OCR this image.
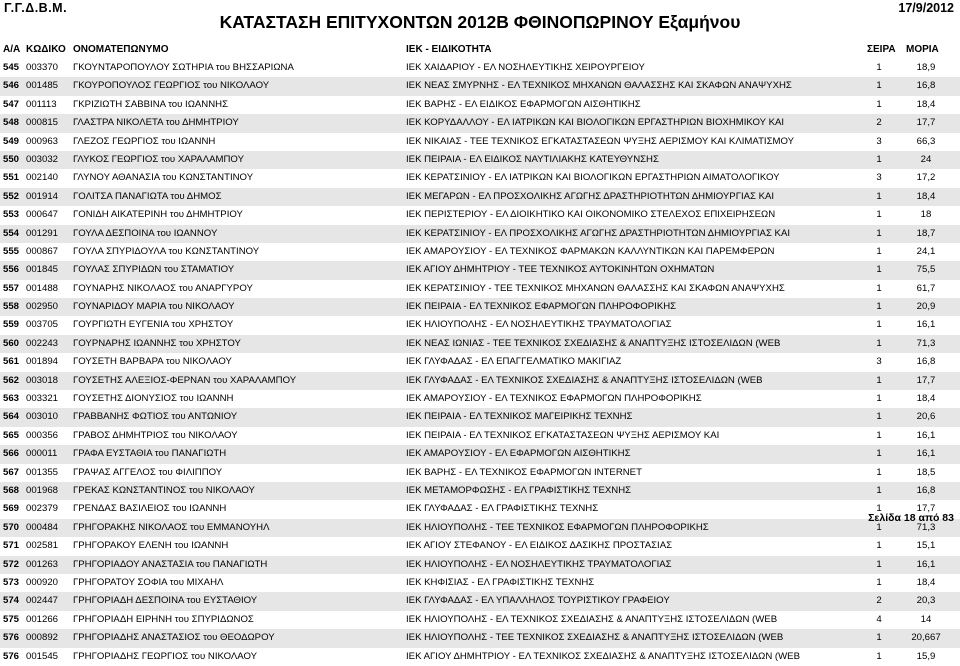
Γ.Γ.Δ.Β.Μ.	17/9/2012
ΚΑΤΑΣΤΑΣΗ ΕΠΙΤΥΧΟΝΤΩΝ 2012Β ΦΘΙΝΟΠΩΡΙΝΟΥ Εξαμήνου
Α/Α ΚΩΔΙΚΟ ΟΝΟΜΑΤΕΠΩΝΥΜΟ	ΙΕΚ - ΕΙΔΙΚΟΤΗΤΑ	ΣΕΙΡΑ ΜΟΡΙΑ
545 003370	ΓΚΟΥΝΤΑΡΟΠΟΥΛΟΥ ΣΩΤΗΡΙΑ του ΒΗΣΣΑΡΙΩΝΑ	ΙΕΚ ΧΑΙΔΑΡΙΟΥ - ΕΛ ΝΟΣΗΛΕΥΤΙΚΗΣ ΧΕΙΡΟΥΡΓΕΙΟΥ	1	18,9
546 001485	ΓΚΟΥΡΟΠΟΥΛΟΣ ΓΕΩΡΓΙΟΣ του ΝΙΚΟΛΑΟΥ	ΙΕΚ ΝΕΑΣ ΣΜΥΡΝΗΣ - ΕΛ ΤΕΧΝΙΚΟΣ ΜΗΧΑΝΩΝ ΘΑΛΑΣΣΗΣ ΚΑΙ ΣΚΑΦΩΝ ΑΝΑΨΥΧΗΣ	1	16,8
547 001113	ΓΚΡΙΖΙΩΤΗ ΣΑΒΒΙΝΑ του ΙΩΑΝΝΗΣ	ΙΕΚ ΒΑΡΗΣ - ΕΛ ΕΙΔΙΚΟΣ ΕΦΑΡΜΟΓΩΝ ΑΙΣΘΗΤΙΚΗΣ	1	18,4
548 000815	ΓΛΑΣΤΡΑ ΝΙΚΟΛΕΤΑ του ΔΗΜΗΤΡΙΟΥ	ΙΕΚ ΚΟΡΥΔΑΛΛΟΥ - ΕΛ ΙΑΤΡΙΚΩΝ ΚΑΙ ΒΙΟΛΟΓΙΚΩΝ ΕΡΓΑΣΤΗΡΙΩΝ ΒΙΟΧΗΜΙΚΟΥ ΚΑΙ	2	17,7
549 000963	ΓΛΕΖΟΣ ΓΕΩΡΓΙΟΣ του ΙΩΑΝΝΗ	ΙΕΚ ΝΙΚΑΙΑΣ - ΤΕΕ ΤΕΧΝΙΚΟΣ ΕΓΚΑΤΑΣΤΑΣΕΩΝ ΨΥΞΗΣ ΑΕΡΙΣΜΟΥ ΚΑΙ ΚΛΙΜΑΤΙΣΜΟΥ	3	66,3
550 003032	ΓΛΥΚΟΣ ΓΕΩΡΓΙΟΣ του ΧΑΡΑΛΑΜΠΟΥ	ΙΕΚ ΠΕΙΡΑΙΑ - ΕΛ ΕΙΔΙΚΟΣ ΝΑΥΤΙΛΙΑΚΗΣ ΚΑΤΕΥΘΥΝΣΗΣ	1	24
551 002140	ΓΛΥΝΟΥ ΑΘΑΝΑΣΙΑ του ΚΩΝΣΤΑΝΤΙΝΟΥ	ΙΕΚ ΚΕΡΑΤΣΙΝΙΟΥ - ΕΛ ΙΑΤΡΙΚΩΝ ΚΑΙ ΒΙΟΛΟΓΙΚΩΝ ΕΡΓΑΣΤΗΡΙΩΝ ΑΙΜΑΤΟΛΟΓΙΚΟΥ	3	17,2
552 001914	ΓΟΛΙΤΣΑ ΠΑΝΑΓΙΩΤΑ του ΔΗΜΟΣ	ΙΕΚ ΜΕΓΑΡΩΝ - ΕΛ ΠΡΟΣΧΟΛΙΚΗΣ ΑΓΩΓΗΣ ΔΡΑΣΤΗΡΙΟΤΗΤΩΝ ΔΗΜΙΟΥΡΓΙΑΣ ΚΑΙ	1	18,4
553 000647	ΓΟΝΙΔΗ ΑΙΚΑΤΕΡΙΝΗ του ΔΗΜΗΤΡΙΟΥ	ΙΕΚ ΠΕΡΙΣΤΕΡΙΟΥ - ΕΛ ΔΙΟΙΚΗΤΙΚΟ ΚΑΙ ΟΙΚΟΝΟΜΙΚΟ ΣΤΕΛΕΧΟΣ ΕΠΙΧΕΙΡΗΣΕΩΝ	1	18
554 001291	ΓΟΥΛΑ ΔΕΣΠΟΙΝΑ του ΙΩΑΝΝΟΥ	ΙΕΚ ΚΕΡΑΤΣΙΝΙΟΥ - ΕΛ ΠΡΟΣΧΟΛΙΚΗΣ ΑΓΩΓΗΣ ΔΡΑΣΤΗΡΙΟΤΗΤΩΝ ΔΗΜΙΟΥΡΓΙΑΣ ΚΑΙ	1	18,7
555 000867	ΓΟΥΛΑ ΣΠΥΡΙΔΟΥΛΑ του ΚΩΝΣΤΑΝΤΙΝΟΥ	ΙΕΚ ΑΜΑΡΟΥΣΙΟΥ - ΕΛ ΤΕΧΝΙΚΟΣ ΦΑΡΜΑΚΩΝ ΚΑΛΛΥΝΤΙΚΩΝ ΚΑΙ ΠΑΡΕΜΦΕΡΩΝ	1	24,1
556 001845	ΓΟΥΛΑΣ ΣΠΥΡΙΔΩΝ του ΣΤΑΜΑΤΙΟΥ	ΙΕΚ ΑΓΙΟΥ ΔΗΜΗΤΡΙΟΥ - ΤΕΕ ΤΕΧΝΙΚΟΣ ΑΥΤΟΚΙΝΗΤΩΝ ΟΧΗΜΑΤΩΝ	1	75,5
557 001488	ΓΟΥΝΑΡΗΣ ΝΙΚΟΛΑΟΣ του ΑΝΑΡΓΥΡΟΥ	ΙΕΚ ΚΕΡΑΤΣΙΝΙΟΥ - ΤΕΕ ΤΕΧΝΙΚΟΣ ΜΗΧΑΝΩΝ ΘΑΛΑΣΣΗΣ ΚΑΙ ΣΚΑΦΩΝ ΑΝΑΨΥΧΗΣ	1	61,7
558 002950	ΓΟΥΝΑΡΙΔΟΥ ΜΑΡΙΑ του ΝΙΚΟΛΑΟΥ	ΙΕΚ ΠΕΙΡΑΙΑ - ΕΛ ΤΕΧΝΙΚΟΣ ΕΦΑΡΜΟΓΩΝ ΠΛΗΡΟΦΟΡΙΚΗΣ	1	20,9
559 003705	ΓΟΥΡΓΙΩΤΗ ΕΥΓΕΝΙΑ του ΧΡΗΣΤΟΥ	ΙΕΚ ΗΛΙΟΥΠΟΛΗΣ - ΕΛ ΝΟΣΗΛΕΥΤΙΚΗΣ ΤΡΑΥΜΑΤΟΛΟΓΙΑΣ	1	16,1
560 002243	ΓΟΥΡΝΑΡΗΣ ΙΩΑΝΝΗΣ του ΧΡΗΣΤΟΥ	ΙΕΚ ΝΕΑΣ ΙΩΝΙΑΣ - ΤΕΕ ΤΕΧΝΙΚΟΣ ΣΧΕΔΙΑΣΗΣ & ΑΝΑΠΤΥΞΗΣ ΙΣΤΟΣΕΛΙΔΩΝ (WEB	1	71,3
561 001894	ΓΟΥΣΕΤΗ ΒΑΡΒΑΡΑ του ΝΙΚΟΛΑΟΥ	ΙΕΚ ΓΛΥΦΑΔΑΣ - ΕΛ ΕΠΑΓΓΕΛΜΑΤΙΚΟ ΜΑΚΙΓΙΑΖ	3	16,8
562 003018	ΓΟΥΣΕΤΗΣ ΑΛΕΞΙΟΣ-ΦΕΡΝΑΝ του ΧΑΡΑΛΑΜΠΟΥ	ΙΕΚ ΓΛΥΦΑΔΑΣ - ΕΛ ΤΕΧΝΙΚΟΣ ΣΧΕΔΙΑΣΗΣ & ΑΝΑΠΤΥΞΗΣ ΙΣΤΟΣΕΛΙΔΩΝ (WEB	1	17,7
563 003321	ΓΟΥΣΕΤΗΣ ΔΙΟΝΥΣΙΟΣ του ΙΩΑΝΝΗ	ΙΕΚ ΑΜΑΡΟΥΣΙΟΥ - ΕΛ ΤΕΧΝΙΚΟΣ ΕΦΑΡΜΟΓΩΝ ΠΛΗΡΟΦΟΡΙΚΗΣ	1	18,4
564 003010	ΓΡΑΒΒΑΝΗΣ ΦΩΤΙΟΣ του ΑΝΤΩΝΙΟΥ	ΙΕΚ ΠΕΙΡΑΙΑ - ΕΛ ΤΕΧΝΙΚΟΣ ΜΑΓΕΙΡΙΚΗΣ ΤΕΧΝΗΣ	1	20,6
565 000356	ΓΡΑΒΟΣ ΔΗΜΗΤΡΙΟΣ του ΝΙΚΟΛΑΟΥ	ΙΕΚ ΠΕΙΡΑΙΑ - ΕΛ ΤΕΧΝΙΚΟΣ ΕΓΚΑΤΑΣΤΑΣΕΩΝ ΨΥΞΗΣ ΑΕΡΙΣΜΟΥ ΚΑΙ	1	16,1
566 000011	ΓΡΑΦΑ ΕΥΣΤΑΘΙΑ του ΠΑΝΑΓΙΩΤΗ	ΙΕΚ ΑΜΑΡΟΥΣΙΟΥ - ΕΛ ΕΦΑΡΜΟΓΩΝ ΑΙΣΘΗΤΙΚΗΣ	1	16,1
567 001355	ΓΡΑΨΑΣ ΑΓΓΕΛΟΣ του ΦΙΛΙΠΠΟΥ	ΙΕΚ ΒΑΡΗΣ - ΕΛ ΤΕΧΝΙΚΟΣ ΕΦΑΡΜΟΓΩΝ INTERNET	1	18,5
568 001968	ΓΡΕΚΑΣ ΚΩΝΣΤΑΝΤΙΝΟΣ του ΝΙΚΟΛΑΟΥ	ΙΕΚ ΜΕΤΑΜΟΡΦΩΣΗΣ - ΕΛ ΓΡΑΦΙΣΤΙΚΗΣ ΤΕΧΝΗΣ	1	16,8
569 002379	ΓΡΕΝΔΑΣ ΒΑΣΙΛΕΙΟΣ του ΙΩΑΝΝΗ	ΙΕΚ ΓΛΥΦΑΔΑΣ - ΕΛ ΓΡΑΦΙΣΤΙΚΗΣ ΤΕΧΝΗΣ	1	17,7
570 000484	ΓΡΗΓΟΡΑΚΗΣ ΝΙΚΟΛΑΟΣ του ΕΜΜΑΝΟΥΗΛ	ΙΕΚ ΗΛΙΟΥΠΟΛΗΣ - ΤΕΕ ΤΕΧΝΙΚΟΣ ΕΦΑΡΜΟΓΩΝ ΠΛΗΡΟΦΟΡΙΚΗΣ	1	71,3
571 002581	ΓΡΗΓΟΡΑΚΟΥ ΕΛΕΝΗ του ΙΩΑΝΝΗ	ΙΕΚ ΑΓΙΟΥ ΣΤΕΦΑΝΟΥ - ΕΛ ΕΙΔΙΚΟΣ ΔΑΣΙΚΗΣ ΠΡΟΣΤΑΣΙΑΣ	1	15,1
572 001263	ΓΡΗΓΟΡΙΑΔΟΥ ΑΝΑΣΤΑΣΙΑ του ΠΑΝΑΓΙΩΤΗ	ΙΕΚ ΗΛΙΟΥΠΟΛΗΣ - ΕΛ ΝΟΣΗΛΕΥΤΙΚΗΣ ΤΡΑΥΜΑΤΟΛΟΓΙΑΣ	1	16,1
573 000920	ΓΡΗΓΟΡΑΤΟΥ ΣΟΦΙΑ του ΜΙΧΑΗΛ	ΙΕΚ ΚΗΦΙΣΙΑΣ - ΕΛ ΓΡΑΦΙΣΤΙΚΗΣ ΤΕΧΝΗΣ	1	18,4
574 002447	ΓΡΗΓΟΡΙΑΔΗ ΔΕΣΠΟΙΝΑ του ΕΥΣΤΑΘΙΟΥ	ΙΕΚ ΓΛΥΦΑΔΑΣ - ΕΛ ΥΠΑΛΛΗΛΟΣ ΤΟΥΡΙΣΤΙΚΟΥ ΓΡΑΦΕΙΟΥ	2	20,3
575 001266	ΓΡΗΓΟΡΙΑΔΗ ΕΙΡΗΝΗ του ΣΠΥΡΙΔΩΝΟΣ	ΙΕΚ ΗΛΙΟΥΠΟΛΗΣ - ΕΛ ΤΕΧΝΙΚΟΣ ΣΧΕΔΙΑΣΗΣ & ΑΝΑΠΤΥΞΗΣ ΙΣΤΟΣΕΛΙΔΩΝ (WEB	4	14
576 000892	ΓΡΗΓΟΡΙΑΔΗΣ ΑΝΑΣΤΑΣΙΟΣ του ΘΕΟΔΩΡΟΥ	ΙΕΚ ΗΛΙΟΥΠΟΛΗΣ - ΤΕΕ ΤΕΧΝΙΚΟΣ ΣΧΕΔΙΑΣΗΣ & ΑΝΑΠΤΥΞΗΣ ΙΣΤΟΣΕΛΙΔΩΝ (WEB	1	20,667
576 001545	ΓΡΗΓΟΡΙΑΔΗΣ ΓΕΩΡΓΙΟΣ του ΝΙΚΟΛΑΟΥ	ΙΕΚ ΑΓΙΟΥ ΔΗΜΗΤΡΙΟΥ - ΕΛ ΤΕΧΝΙΚΟΣ ΣΧΕΔΙΑΣΗΣ & ΑΝΑΠΤΥΞΗΣ ΙΣΤΟΣΕΛΙΔΩΝ (WEB	1	15,9
Σελίδα 18 από 83
